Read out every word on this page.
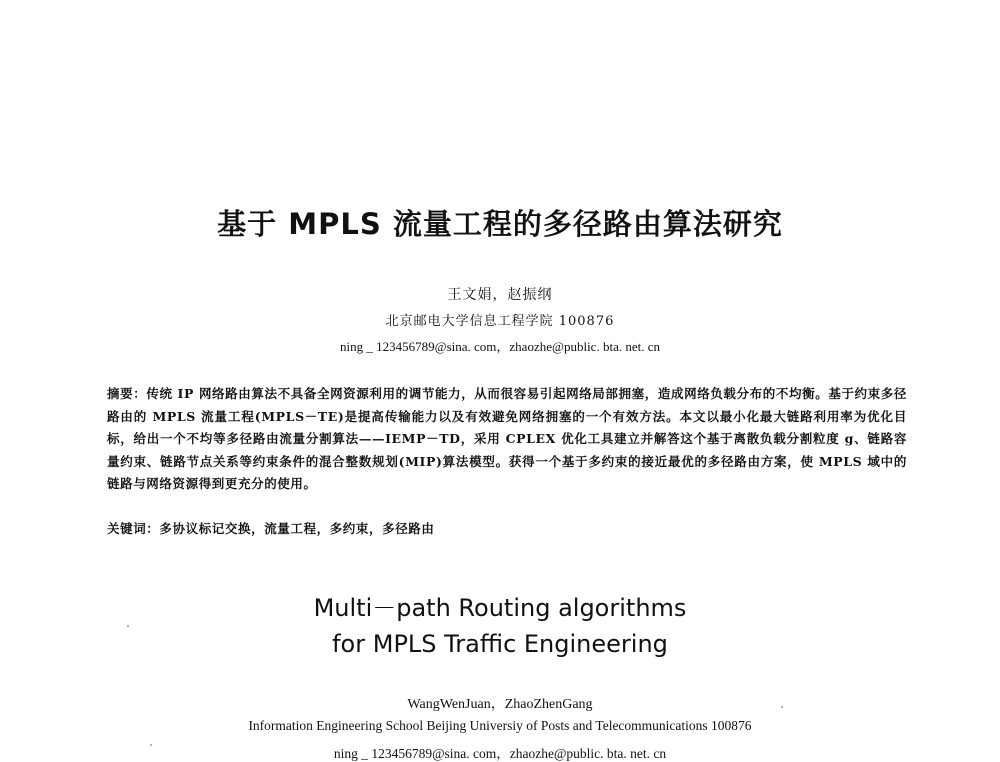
基于 MPLS 流量工程的多径路由算法研究
王文娟，赵振纲
北京邮电大学信息工程学院 100876
ning _ 123456789@sina. com，zhaozhe@public. bta. net. cn
摘要：传统 IP 网络路由算法不具备全网资源利用的调节能力，从而很容易引起网络局部拥塞，造成网络负载分布的不均衡。基于约束多径路由的 MPLS 流量工程(MPLS－TE)是提高传输能力以及有效避免网络拥塞的一个有效方法。本文以最小化最大链路利用率为优化目标，给出一个不均等多径路由流量分割算法——IEMP－TD，采用 CPLEX 优化工具建立并解答这个基于离散负载分割粒度 g、链路容量约束、链路节点关系等约束条件的混合整数规划(MIP)算法模型。获得一个基于多约束的接近最优的多径路由方案，使 MPLS 域中的链路与网络资源得到更充分的使用。
关键词：多协议标记交换，流量工程，多约束，多径路由
Multi－path Routing algorithms
for MPLS Traffic Engineering
WangWenJuan，ZhaoZhenGang
Information Engineering School Beijing Universiy of Posts and Telecommunications 100876
ning _ 123456789@sina. com，zhaozhe@public. bta. net. cn
